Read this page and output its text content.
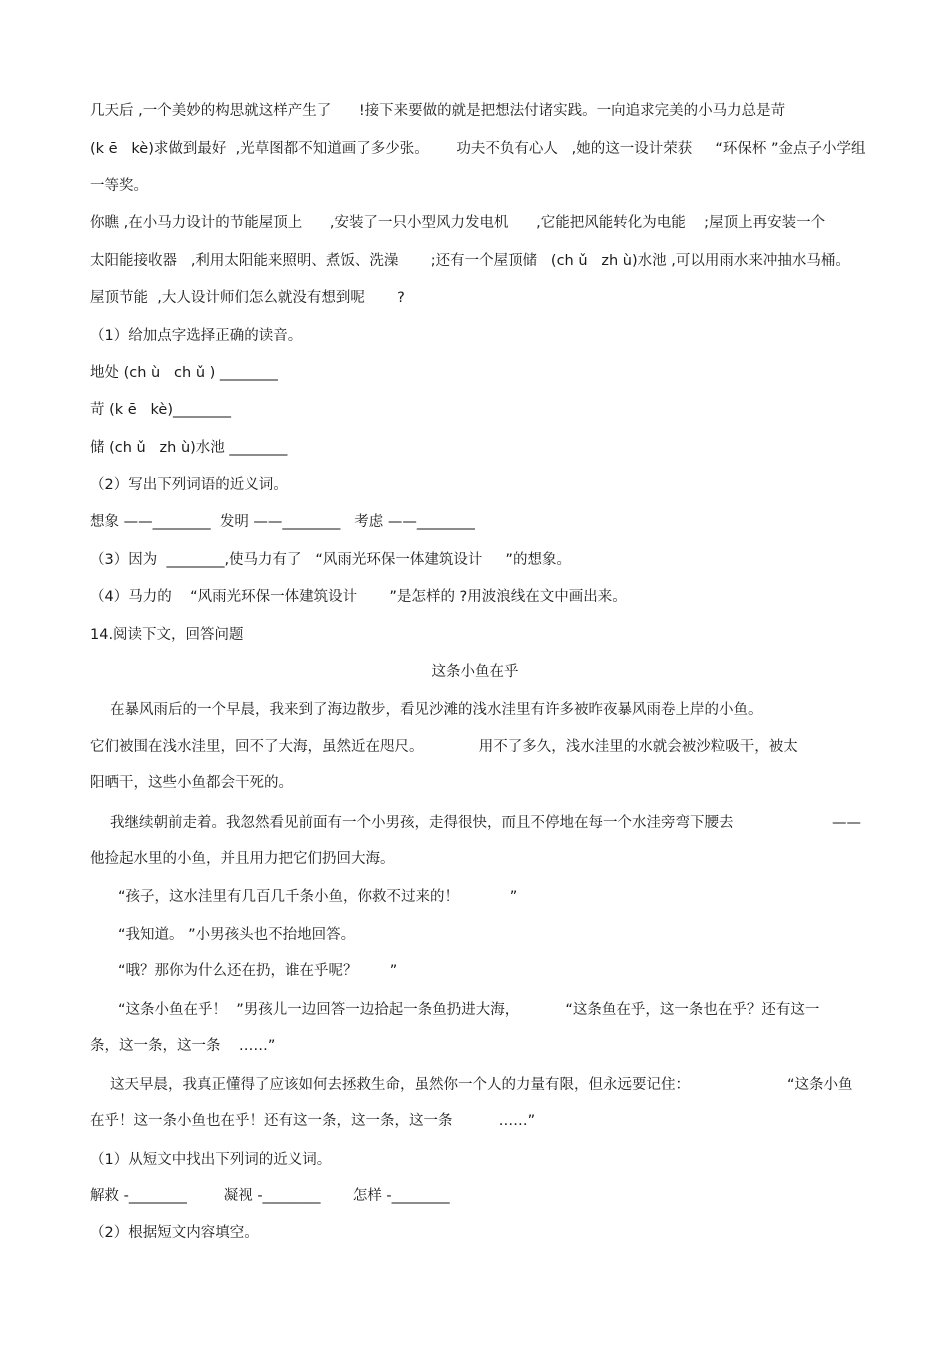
几天后 ,一个美妙的构思就这样产生了      !接下来要做的就是把想法付诸实践。一向追求完美的小马力总是苛
(k ē   kè)求做到最好  ,光草图都不知道画了多少张。      功夫不负有心人   ,她的这一设计荣获     “环保杯 ”金点子小学组
一等奖。
你瞧 ,在小马力设计的节能屋顶上      ,安装了一只小型风力发电机      ,它能把风能转化为电能    ;屋顶上再安装一个
太阳能接收器   ,利用太阳能来照明、煮饭、洗澡       ;还有一个屋顶储   (ch ǔ   zh ù)水池 ,可以用雨水来冲抽水马桶。
屋顶节能  ,大人设计师们怎么就没有想到呢       ?
（1）给加点字选择正确的读音。
地处 (ch ù   ch ǔ ) ________
苛 (k ē   kè)________
储 (ch ǔ   zh ù)水池 ________
（2）写出下列词语的近义词。
想象 ——________  发明 ——________   考虑 ——________
（3）因为  ________,使马力有了   “风雨光环保一体建筑设计     ”的想象。
（4）马力的    “风雨光环保一体建筑设计       ”是怎样的 ?用波浪线在文中画出来。
14.阅读下文，回答问题
这条小鱼在乎
在暴风雨后的一个早晨，我来到了海边散步，看见沙滩的浅水洼里有许多被昨夜暴风雨卷上岸的小鱼。
它们被围在浅水洼里，回不了大海，虽然近在咫尺。            用不了多久，浅水洼里的水就会被沙粒吸干，被太
阳晒干，这些小鱼都会干死的。
我继续朝前走着。我忽然看见前面有一个小男孩，走得很快，而且不停地在每一个水洼旁弯下腰去	——
他捡起水里的小鱼，并且用力把它们扔回大海。
“孩子，这水洼里有几百几千条小鱼，你救不过来的！           ”
“我知道。 ”小男孩头也不抬地回答。
“哦？那你为什么还在扔，谁在乎呢？       ”
“这条小鱼在乎！  ”男孩儿一边回答一边拾起一条鱼扔进大海，          “这条鱼在乎，这一条也在乎？还有这一
条，这一条，这一条    ……”
这天早晨，我真正懂得了应该如何去拯救生命，虽然你一个人的力量有限，但永远要记住：	“这条小鱼
在乎！这一条小鱼也在乎！还有这一条，这一条，这一条          ……”
（1）从短文中找出下列词的近义词。
解救 -________        凝视 -________       怎样 -________
（2）根据短文内容填空。
